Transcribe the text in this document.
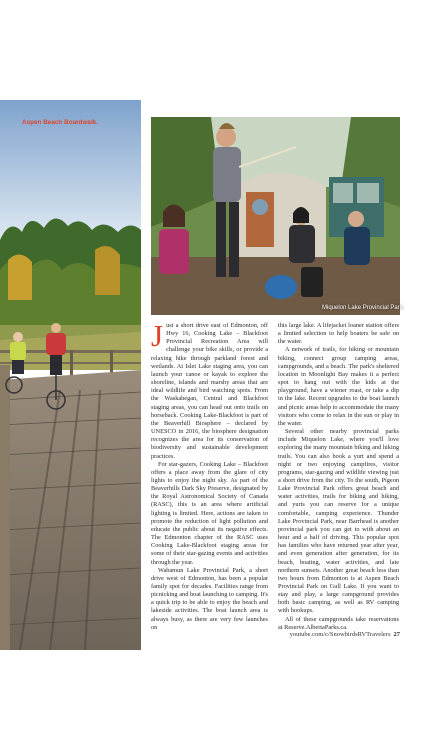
Aspen Beach Boardwalk.
Miquelon Lake Provincial Park.

Just a short drive east of Edmonton, off Hwy 16, Cooking Lake – Blackfoot Provincial Recreation Area will challenge your bike skills, or provide a relaxing hike through parkland forest and wetlands. At Islet Lake staging area, you can launch your canoe or kayak to explore the shoreline, islands and marshy areas that are ideal wildlife and bird watching spots. From the Waskahegan, Central and Blackfoot staging areas, you can head out onto trails on horseback. Cooking Lake-Blackfoot is part of the Beaverhill Biosphere – declared by UNESCO in 2016, the biosphere designation recognizes the area for its conservation of biodiversity and sustainable development practices.

For star-gazers, Cooking Lake – Blackfoot offers a place away from the glare of city lights to enjoy the night sky. As part of the Beaverhills Dark Sky Preserve, designated by the Royal Astronomical Society of Canada (RASC), this is an area where artificial lighting is limited. Here, actions are taken to promote the reduction of light pollution and educate the public about its negative effects. The Edmonton chapter of the RASC uses Cooking Lake-Blackfoot staging areas for some of their star-gazing events and activities through the year.

Wabamun Lake Provincial Park, a short drive west of Edmonton, has been a popular family spot for decades. Facilities range from picnicking and boat launching to camping. It's a quick trip to be able to enjoy the beach and lakeside activities. The boat launch area is always busy, as there are very few launches on

this large lake. A lifejacket loaner station offers a limited selection to help boaters be safe on the water.

A network of trails, for hiking or mountain biking, connect group camping areas, campgrounds, and a beach. The park's sheltered location in Moonlight Bay makes it a perfect spot to hang out with the kids at the playground, have a wiener roast, or take a dip in the lake. Recent upgrades to the boat launch and picnic areas help to accommodate the many visitors who come to relax in the sun or play in the water.

Several other nearby provincial parks include Miquelon Lake, where you'll love exploring the many mountain biking and hiking trails. You can also book a yurt and spend a night or two enjoying campfires, visitor programs, star-gazing and wildlife viewing just a short drive from the city. To the south, Pigeon Lake Provincial Park offers great beach and water activities, trails for biking and hiking, and yurts you can reserve for a unique comfortable, camping experience. Thunder Lake Provincial Park, near Barrhead is another provincial park you can get to with about an hour and a half of driving. This popular spot has families who have returned year after year, and even generation after generation, for its beach, boating, water activities, and late northern sunsets. Another great beach less than two hours from Edmonton is at Aspen Beach Provincial Park on Gull Lake. If you want to stay and play, a large campground provides both basic camping, as well as RV camping with hookups.

All of these campgrounds take reservations at Reserve.AlbertaParks.ca.

youtube.com/c/SnowbirdsRVTravelers 27
